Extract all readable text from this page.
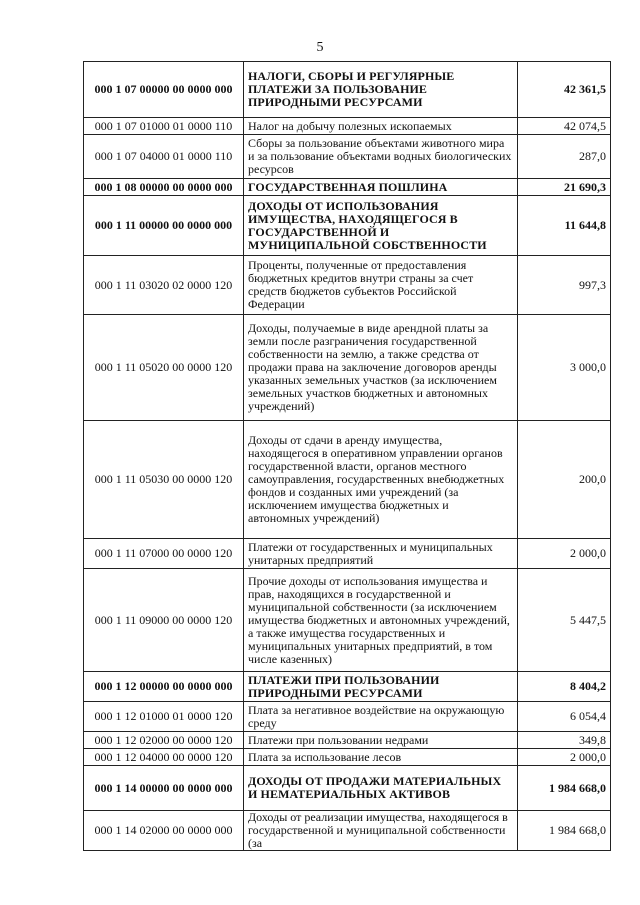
5
000 1 07 00000 00 0000 000	НАЛОГИ, СБОРЫ И РЕГУЛЯРНЫЕ ПЛАТЕЖИ ЗА ПОЛЬЗОВАНИЕ ПРИРОДНЫМИ РЕСУРСАМИ	42 361,5
000 1 07 01000 01 0000 110	Налог на добычу полезных ископаемых	42 074,5
000 1 07 04000 01 0000 110	Сборы за пользование объектами животного мира и за пользование объектами водных биологических ресурсов	287,0
000 1 08 00000 00 0000 000	ГОСУДАРСТВЕННАЯ ПОШЛИНА	21 690,3
000 1 11 00000 00 0000 000	ДОХОДЫ ОТ ИСПОЛЬЗОВАНИЯ ИМУЩЕСТВА, НАХОДЯЩЕГОСЯ В ГОСУДАРСТВЕННОЙ И МУНИЦИПАЛЬНОЙ СОБСТВЕННОСТИ	11 644,8
000 1 11 03020 02 0000 120	Проценты, полученные от предоставления бюджетных кредитов внутри страны за счет средств бюджетов субъектов Российской Федерации	997,3
000 1 11 05020 00 0000 120	Доходы, получаемые в виде арендной платы за земли после разграничения государственной собственности на землю, а также средства от продажи права на заключение договоров аренды указанных земельных участков (за исключением земельных участков бюджетных и автономных учреждений)	3 000,0
000 1 11 05030 00 0000 120	Доходы от сдачи в аренду имущества, находящегося в оперативном управлении органов государственной власти, органов местного самоуправления, государственных внебюджетных фондов и созданных ими учреждений (за исключением имущества бюджетных и автономных учреждений)	200,0
000 1 11 07000 00 0000 120	Платежи от государственных и муниципальных унитарных предприятий	2 000,0
000 1 11 09000 00 0000 120	Прочие доходы от использования имущества и прав, находящихся в государственной и муниципальной собственности (за исключением имущества бюджетных и автономных учреждений, а также имущества государственных и муниципальных унитарных предприятий, в том числе казенных)	5 447,5
000 1 12 00000 00 0000 000	ПЛАТЕЖИ ПРИ ПОЛЬЗОВАНИИ ПРИРОДНЫМИ РЕСУРСАМИ	8 404,2
000 1 12 01000 01 0000 120	Плата за негативное воздействие на окружающую среду	6 054,4
000 1 12 02000 00 0000 120	Платежи при пользовании недрами	349,8
000 1 12 04000 00 0000 120	Плата за использование лесов	2 000,0
000 1 14 00000 00 0000 000	ДОХОДЫ ОТ ПРОДАЖИ МАТЕРИАЛЬНЫХ И НЕМАТЕРИАЛЬНЫХ АКТИВОВ	1 984 668,0
000 1 14 02000 00 0000 000	Доходы от реализации имущества, находящегося в государственной и муниципальной собственности (за	1 984 668,0
